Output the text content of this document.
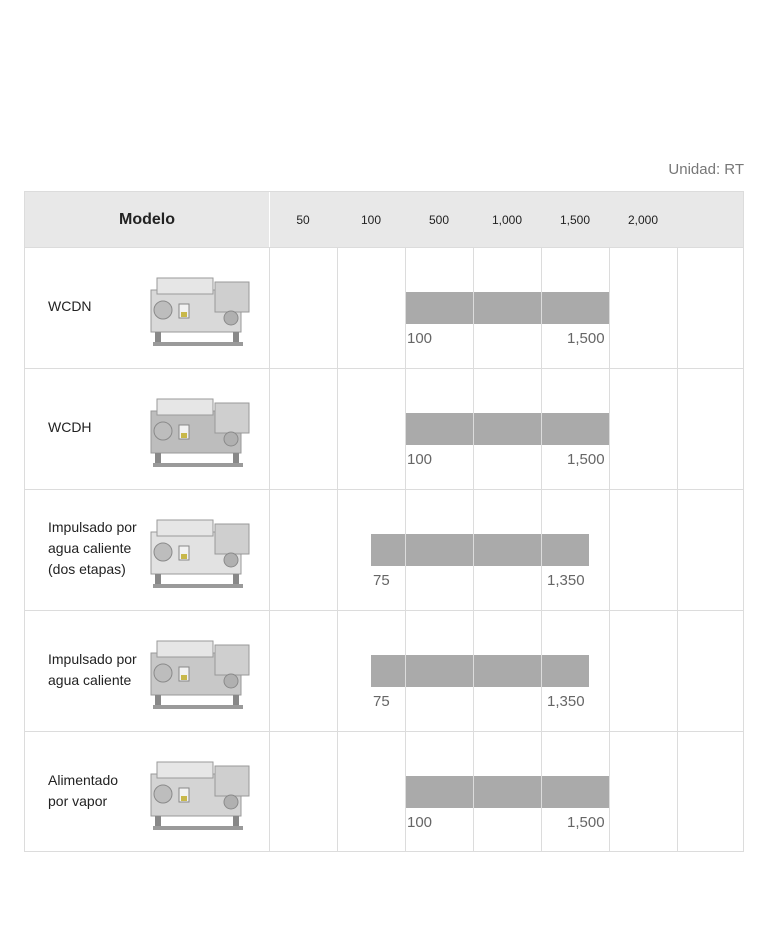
Unidad: RT
Modelo	50	100	500	1,000	1,500	2,000
WCDN
100	1,500
WCDH
100	1,500
Impulsado por
agua caliente
(dos etapas)
75	1,350
Impulsado por
agua caliente
75	1,350
Alimentado
por vapor
100	1,500
